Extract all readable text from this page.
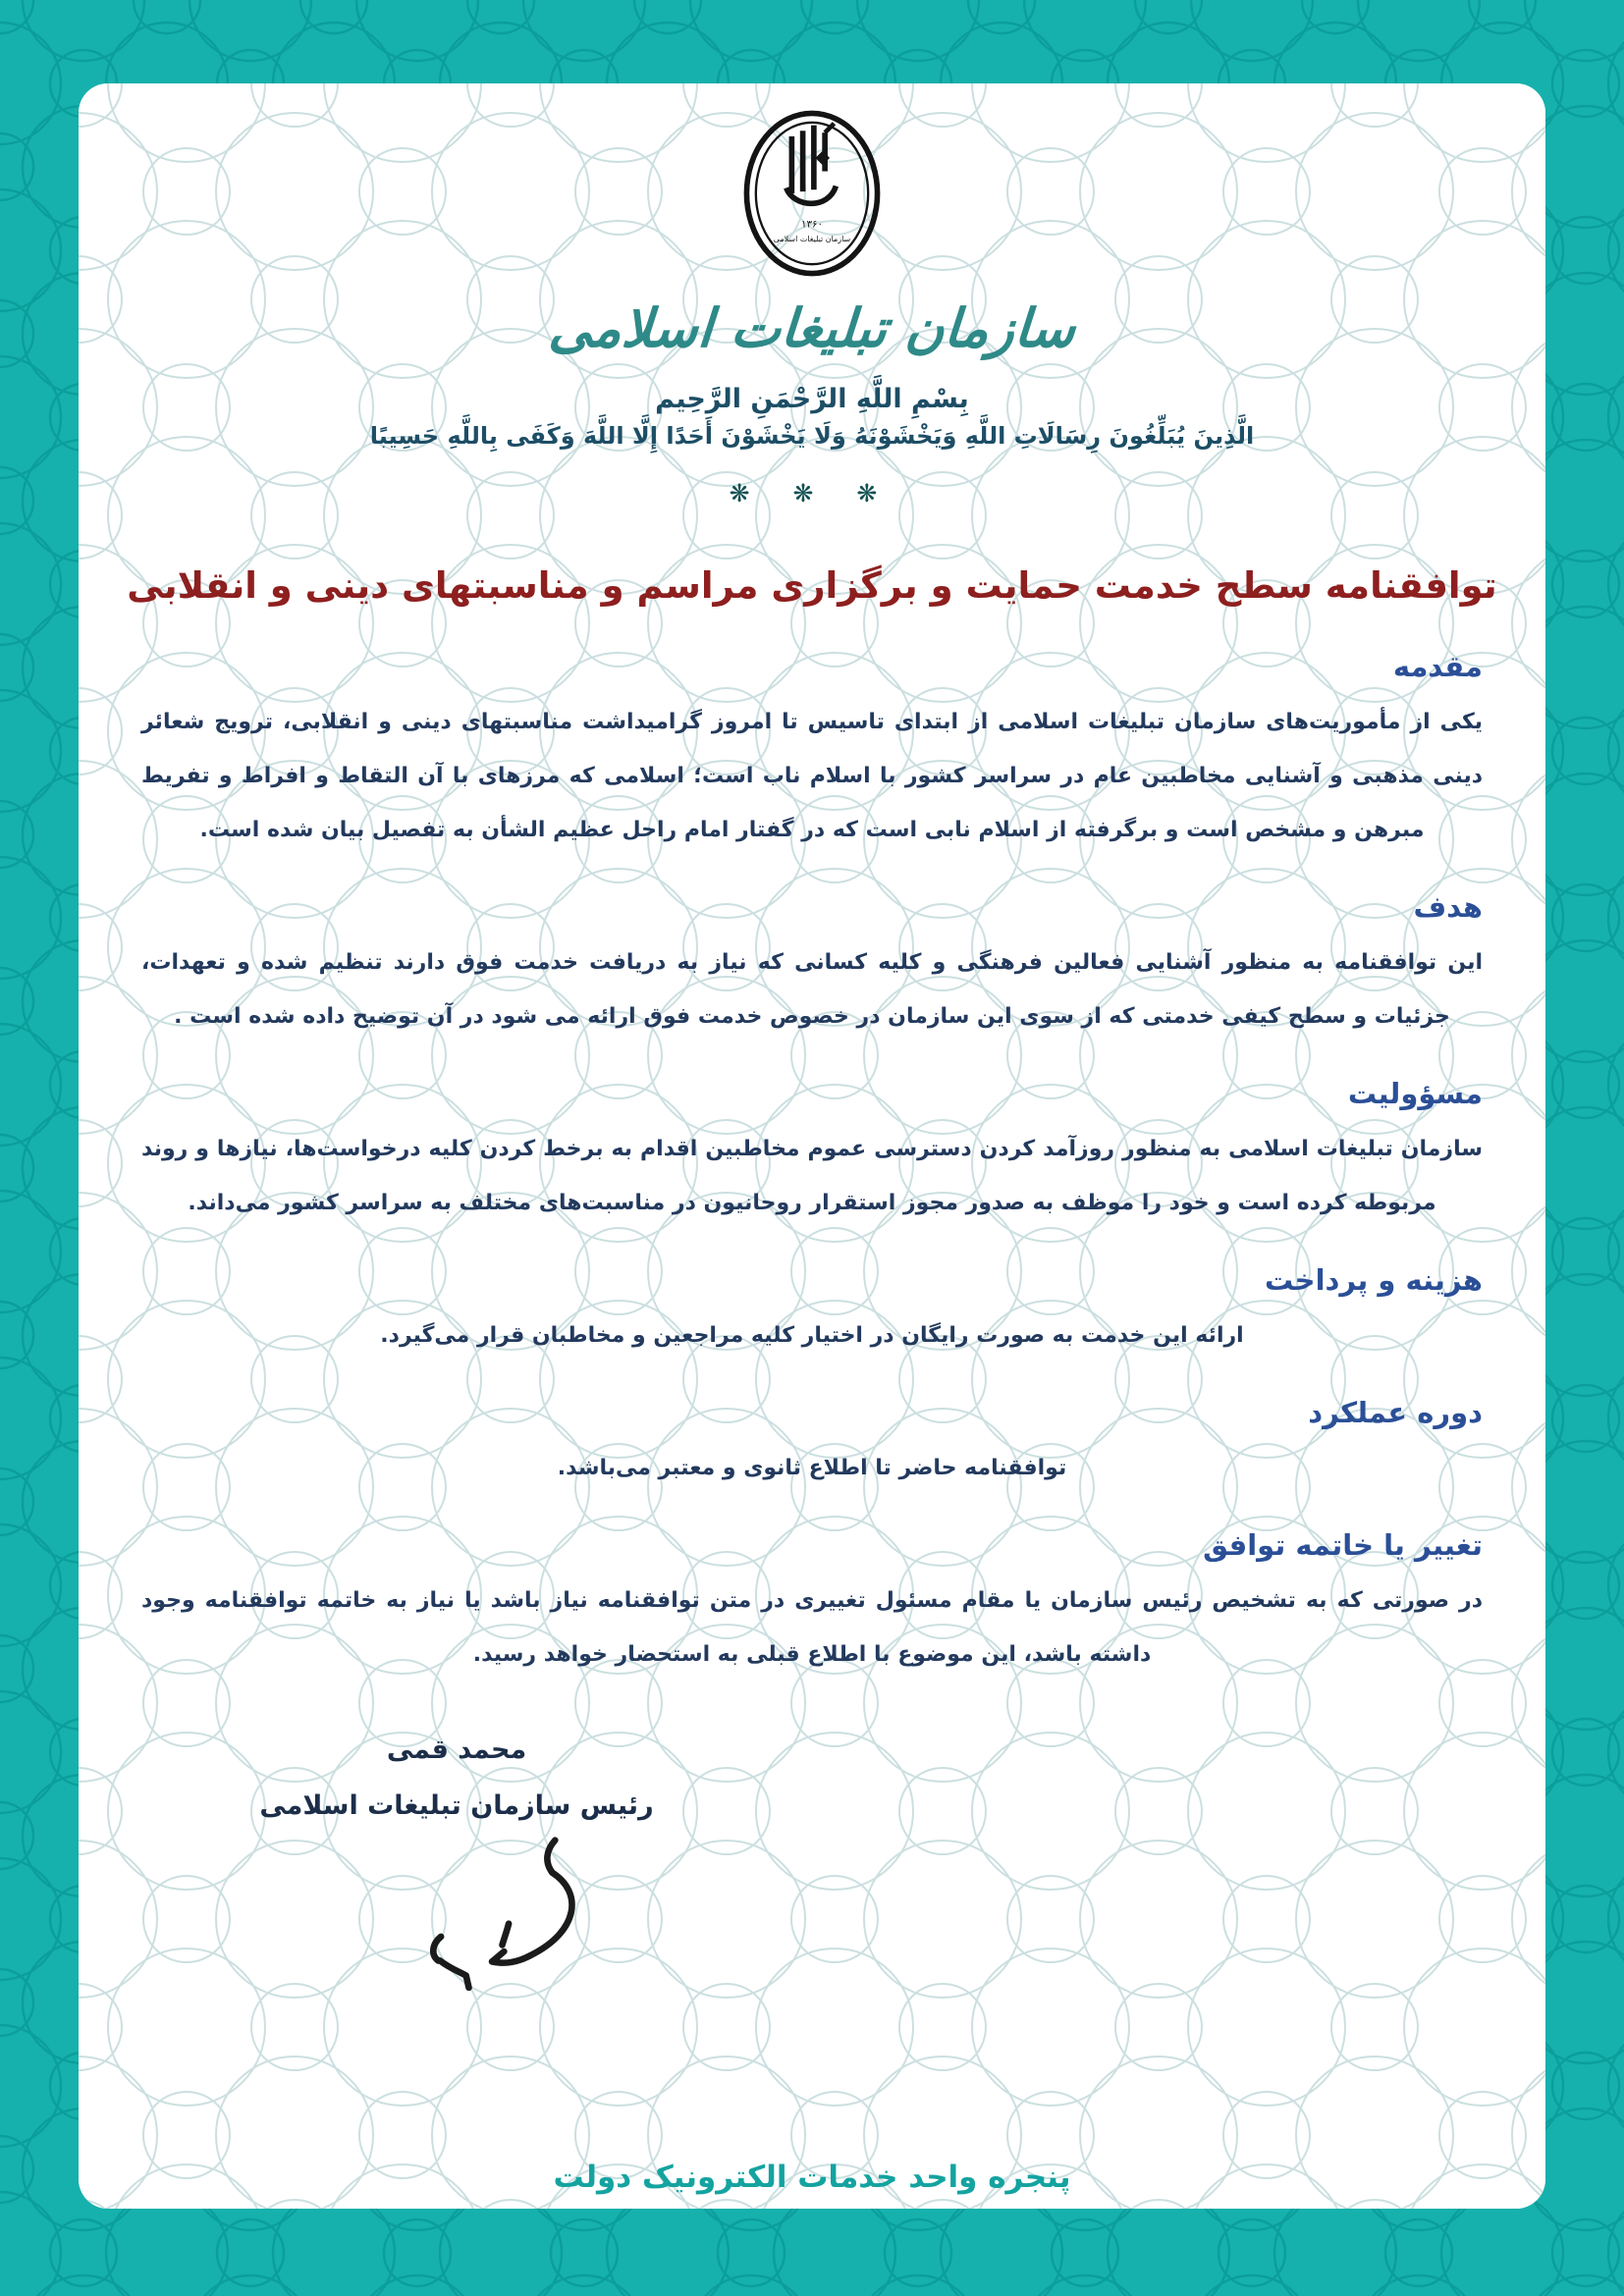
۱۳۶۰
سازمان تبلیغات اسلامی
سازمان تبلیغات اسلامی
بِسْمِ اللَّهِ الرَّحْمَنِ الرَّحِيم
الَّذِينَ يُبَلِّغُونَ رِسَالَاتِ اللَّهِ وَيَخْشَوْنَهُ وَلَا يَخْشَوْنَ أَحَدًا إِلَّا اللَّهَ وَكَفَى بِاللَّهِ حَسِيبًا
❋ ❋ ❋
توافقنامه سطح خدمت حمایت و برگزاری مراسم و مناسبتهای دینی و انقلابی
مقدمه

یکی از مأموریت‌های سازمان تبلیغات اسلامی از ابتدای تاسیس تا امروز گرامیداشت مناسبتهای دینی و انقلابی، ترویج شعائر دینی مذهبی و آشنایی مخاطبین عام در سراسر کشور با اسلام ناب است؛ اسلامی که مرزهای با آن التقاط و افراط و تفریط مبرهن و مشخص است و برگرفته از اسلام نابی است که در گفتار امام راحل عظیم الشأن به تفصیل بیان شده است.

هدف

این توافقنامه به منظور آشنایی فعالین فرهنگی و کلیه کسانی که نیاز به دریافت خدمت فوق دارند تنظیم شده و تعهدات، جزئیات و سطح کیفی خدمتی که از سوی این سازمان در خصوص خدمت فوق ارائه می شود در آن توضیح داده شده است .

مسؤولیت

سازمان تبلیغات اسلامی به منظور روزآمد کردن دسترسی عموم مخاطبین اقدام به برخط کردن کلیه درخواست‌ها، نیازها و روند مربوطه کرده است و خود را موظف به صدور مجوز استقرار روحانیون در مناسبت‌های مختلف به سراسر کشور می‌داند.

هزینه و پرداخت

ارائه این خدمت به صورت رایگان در اختیار کلیه مراجعین و مخاطبان قرار می‌گیرد.

دوره عملکرد

توافقنامه حاضر تا اطلاع ثانوی و معتبر می‌باشد.

تغییر یا خاتمه توافق

در صورتی که به تشخیص رئیس سازمان یا مقام مسئول تغییری در متن توافقنامه نیاز باشد یا نیاز به خاتمه توافقنامه وجود داشته باشد، این موضوع با اطلاع قبلی به استحضار خواهد رسید.

محمد قمی
رئیس سازمان تبلیغات اسلامی
پنجره واحد خدمات الکترونیک دولت
